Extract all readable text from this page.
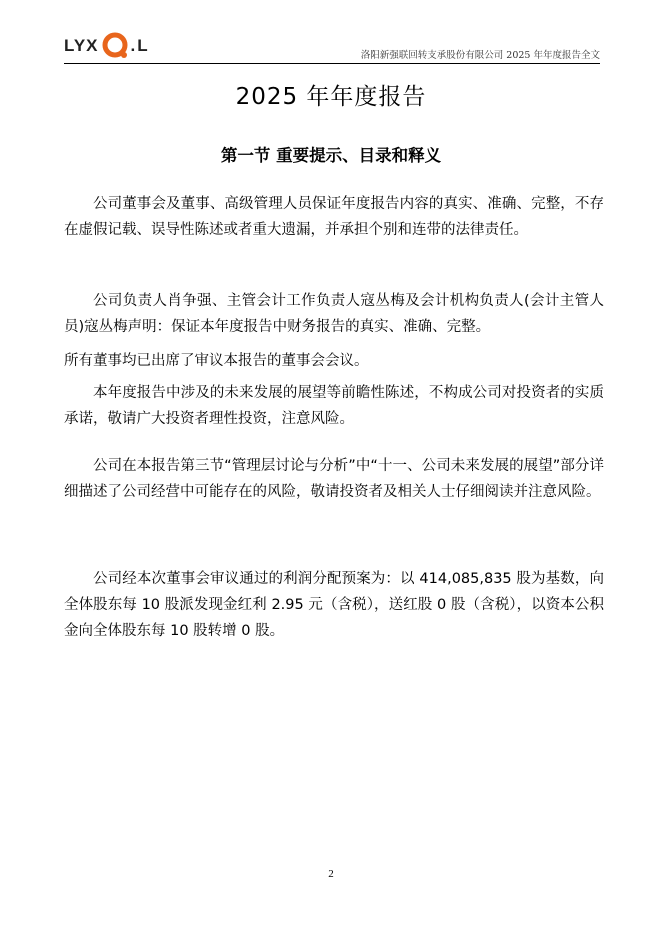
LYX . L
洛阳新强联回转支承股份有限公司 2025 年年度报告全文
2025 年年度报告
第一节 重要提示、目录和释义

公司董事会及董事、高级管理人员保证年度报告内容的真实、准确、完整，不存在虚假记载、误导性陈述或者重大遗漏，并承担个别和连带的法律责任。

公司负责人肖争强、主管会计工作负责人寇丛梅及会计机构负责人(会计主管人员)寇丛梅声明：保证本年度报告中财务报告的真实、准确、完整。

所有董事均已出席了审议本报告的董事会会议。

本年度报告中涉及的未来发展的展望等前瞻性陈述，不构成公司对投资者的实质承诺，敬请广大投资者理性投资，注意风险。

公司在本报告第三节“管理层讨论与分析”中“十一、公司未来发展的展望”部分详细描述了公司经营中可能存在的风险，敬请投资者及相关人士仔细阅读并注意风险。

公司经本次董事会审议通过的利润分配预案为：以 414,085,835 股为基数，向全体股东每 10 股派发现金红利 2.95 元（含税），送红股 0 股（含税），以资本公积金向全体股东每 10 股转增 0 股。

2
